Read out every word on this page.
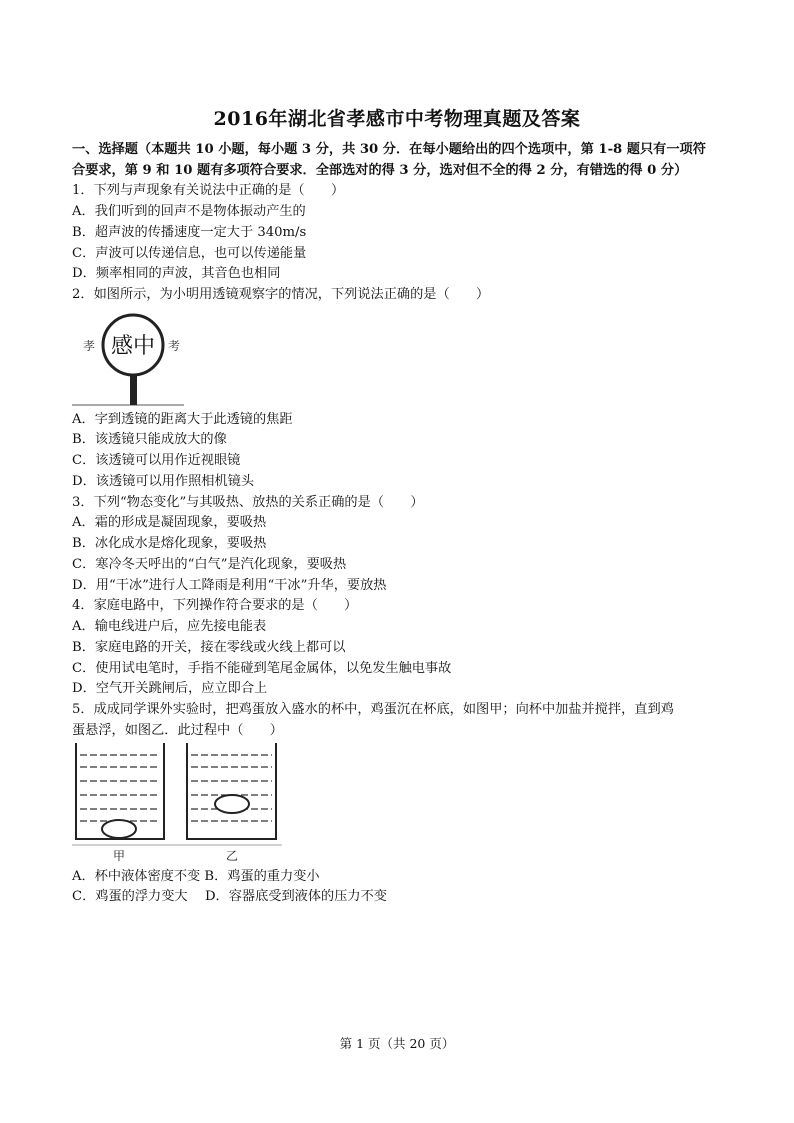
2016年湖北省孝感市中考物理真题及答案
一、选择题（本题共 10 小题，每小题 3 分，共 30 分．在每小题给出的四个选项中，第 1-8 题只有一项符
合要求，第 9 和 10 题有多项符合要求．全部选对的得 3 分，选对但不全的得 2 分，有错选的得 0 分）
1．下列与声现象有关说法中正确的是（　　）
A．我们听到的回声不是物体振动产生的
B．超声波的传播速度一定大于 340m/s
C．声波可以传递信息，也可以传递能量
D．频率相同的声波，其音色也相同
2．如图所示，为小明用透镜观察字的情况，下列说法正确的是（　　）
孝 感中 考
A．字到透镜的距离大于此透镜的焦距
B．该透镜只能成放大的像
C．该透镜可以用作近视眼镜
D．该透镜可以用作照相机镜头
3．下列“物态变化”与其吸热、放热的关系正确的是（　　）
A．霜的形成是凝固现象，要吸热
B．冰化成水是熔化现象，要吸热
C．寒冷冬天呼出的“白气”是汽化现象，要吸热
D．用“干冰”进行人工降雨是利用“干冰”升华，要放热
4．家庭电路中，下列操作符合要求的是（　　）
A．输电线进户后，应先接电能表
B．家庭电路的开关，接在零线或火线上都可以
C．使用试电笔时，手指不能碰到笔尾金属体，以免发生触电事故
D．空气开关跳闸后，应立即合上
5．成成同学课外实验时，把鸡蛋放入盛水的杯中，鸡蛋沉在杯底，如图甲；向杯中加盐并搅拌，直到鸡
蛋悬浮，如图乙．此过程中（　　）
甲	乙
A．杯中液体密度不变 B．鸡蛋的重力变小
C．鸡蛋的浮力变大　 D．容器底受到液体的压力不变
第 1 页（共 20 页）
